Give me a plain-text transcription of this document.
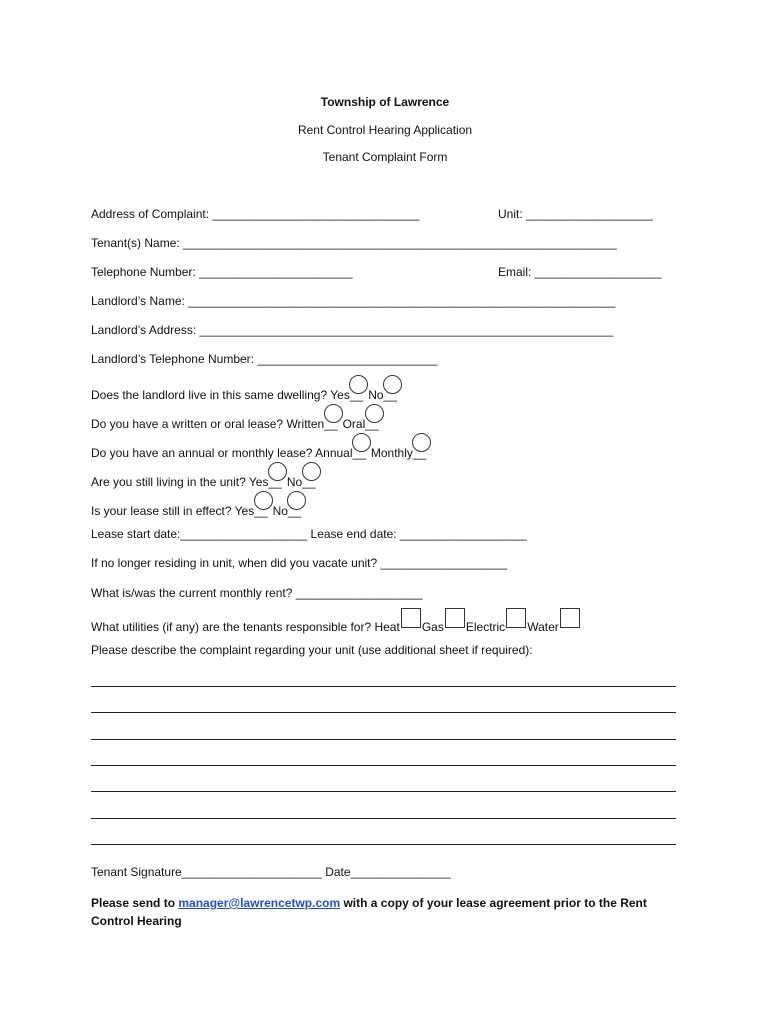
Township of Lawrence
Rent Control Hearing Application
Tenant Complaint Form
Address of Complaint: _______________________________	Unit: ___________________
Tenant(s) Name: _________________________________________________________________
Telephone Number: _______________________	Email: ___________________
Landlord’s Name: ________________________________________________________________
Landlord’s Address: ______________________________________________________________
Landlord’s Telephone Number: ___________________________
Does the landlord live in this same dwelling? Yes__ No__
Do you have a written or oral lease? Written__ Oral__
Do you have an annual or monthly lease? Annual__ Monthly__
Are you still living in the unit? Yes__ No__
Is your lease still in effect? Yes__ No__
Lease start date:___________________ Lease end date: ___________________
If no longer residing in unit, when did you vacate unit? ___________________
What is/was the current monthly rent? ___________________
What utilities (if any) are the tenants responsible for? Heat Gas Electric Water
Please describe the complaint regarding your unit (use additional sheet if required):
Tenant Signature_____________________ Date_______________
Please send to manager@lawrencetwp.com with a copy of your lease agreement prior to the Rent
Control Hearing
